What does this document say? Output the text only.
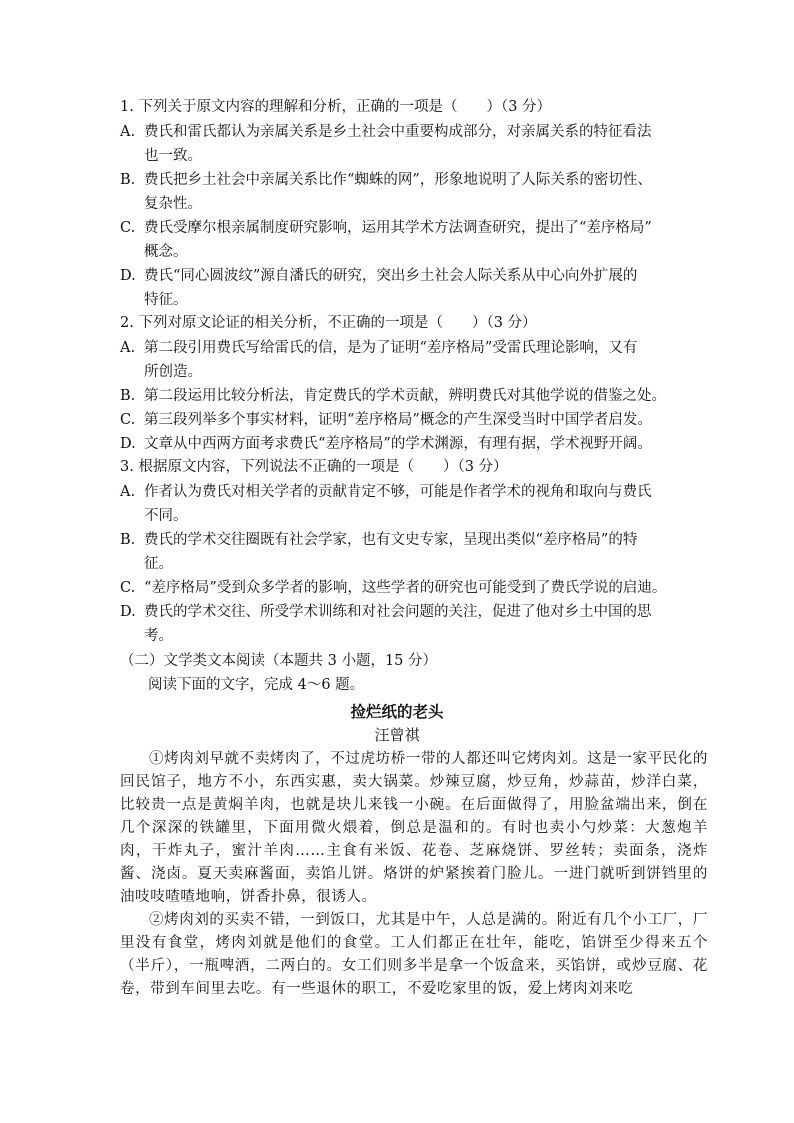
1. 下列关于原文内容的理解和分析，正确的一项是（　　）（3 分）
A. 费氏和雷氏都认为亲属关系是乡土社会中重要构成部分，对亲属关系的特征看法
也一致。
B. 费氏把乡土社会中亲属关系比作“蜘蛛的网”，形象地说明了人际关系的密切性、
复杂性。
C. 费氏受摩尔根亲属制度研究影响，运用其学术方法调查研究，提出了“差序格局”
概念。
D. 费氏“同心圆波纹”源自潘氏的研究，突出乡土社会人际关系从中心向外扩展的
特征。
2. 下列对原文论证的相关分析，不正确的一项是（　　）（3 分）
A. 第二段引用费氏写给雷氏的信，是为了证明“差序格局”受雷氏理论影响，又有
所创造。
B. 第二段运用比较分析法，肯定费氏的学术贡献，辨明费氏对其他学说的借鉴之处。
C. 第三段列举多个事实材料，证明“差序格局”概念的产生深受当时中国学者启发。
D. 文章从中西两方面考求费氏“差序格局”的学术渊源，有理有据，学术视野开阔。
3. 根据原文内容，下列说法不正确的一项是（　　）（3 分）
A. 作者认为费氏对相关学者的贡献肯定不够，可能是作者学术的视角和取向与费氏
不同。
B. 费氏的学术交往圈既有社会学家，也有文史专家，呈现出类似“差序格局”的特
征。
C. “差序格局”受到众多学者的影响，这些学者的研究也可能受到了费氏学说的启迪。
D. 费氏的学术交往、所受学术训练和对社会问题的关注，促进了他对乡土中国的思
考。
（二）文学类文本阅读（本题共 3 小题，15 分）
阅读下面的文字，完成 4～6 题。
捡烂纸的老头
汪曾祺
①烤肉刘早就不卖烤肉了，不过虎坊桥一带的人都还叫它烤肉刘。这是一家平民化的回民馆子，地方不小，东西实惠，卖大锅菜。炒辣豆腐，炒豆角，炒蒜苗，炒洋白菜，比较贵一点是黄焖羊肉，也就是块儿来钱一小碗。在后面做得了，用脸盆端出来，倒在几个深深的铁罐里，下面用微火煨着，倒总是温和的。有时也卖小勺炒菜：大葱炮羊肉，干炸丸子，蜜汁羊肉……主食有米饭、花卷、芝麻烧饼、罗丝转；卖面条，浇炸酱、浇卤。夏天卖麻酱面，卖馅儿饼。烙饼的炉紧挨着门脸儿。一进门就听到饼铛里的油吱吱喳喳地响，饼香扑鼻，很诱人。
②烤肉刘的买卖不错，一到饭口，尤其是中午，人总是满的。附近有几个小工厂，厂里没有食堂，烤肉刘就是他们的食堂。工人们都正在壮年，能吃，馅饼至少得来五个（半斤），一瓶啤酒，二两白的。女工们则多半是拿一个饭盒来，买馅饼，或炒豆腐、花卷，带到车间里去吃。有一些退休的职工，不爱吃家里的饭，爱上烤肉刘来吃
